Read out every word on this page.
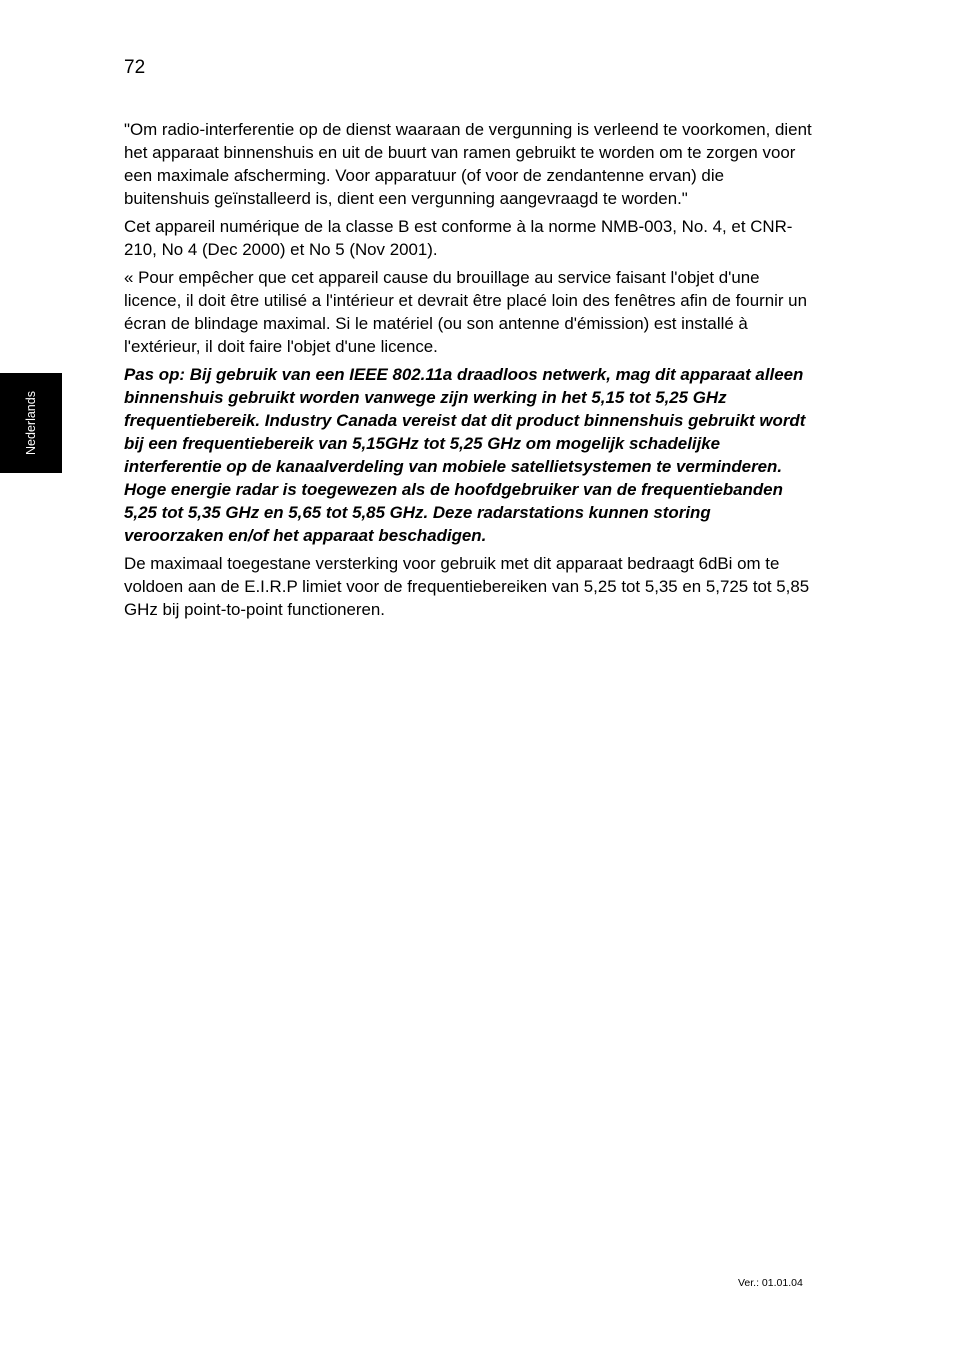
72
Nederlands

"Om radio-interferentie op de dienst waaraan de vergunning is verleend te voorkomen, dient het apparaat binnenshuis en uit de buurt van ramen gebruikt te worden om te zorgen voor een maximale afscherming. Voor apparatuur (of voor de zendantenne ervan) die buitenshuis geïnstalleerd is, dient een vergunning aangevraagd te worden."

Cet appareil numérique de la classe B est conforme à la norme NMB-003, No. 4, et CNR-210, No 4 (Dec 2000) et No 5 (Nov 2001).

« Pour empêcher que cet appareil cause du brouillage au service faisant l'objet d'une licence, il doit être utilisé a l'intérieur et devrait être placé loin des fenêtres afin de fournir un écran de blindage maximal. Si le matériel (ou son antenne d'émission) est installé à l'extérieur, il doit faire l'objet d'une licence.

Pas op: Bij gebruik van een IEEE 802.11a draadloos netwerk, mag dit apparaat alleen binnenshuis gebruikt worden vanwege zijn werking in het 5,15 tot 5,25 GHz frequentiebereik. Industry Canada vereist dat dit product binnenshuis gebruikt wordt bij een frequentiebereik van 5,15GHz tot 5,25 GHz om mogelijk schadelijke interferentie op de kanaalverdeling van mobiele satellietsystemen te verminderen. Hoge energie radar is toegewezen als de hoofdgebruiker van de frequentiebanden 5,25 tot 5,35 GHz en 5,65 tot 5,85 GHz. Deze radarstations kunnen storing veroorzaken en/of het apparaat beschadigen.

De maximaal toegestane versterking voor gebruik met dit apparaat bedraagt 6dBi om te voldoen aan de E.I.R.P limiet voor de frequentiebereiken van 5,25 tot 5,35 en 5,725 tot 5,85 GHz bij point-to-point functioneren.

Ver.: 01.01.04
